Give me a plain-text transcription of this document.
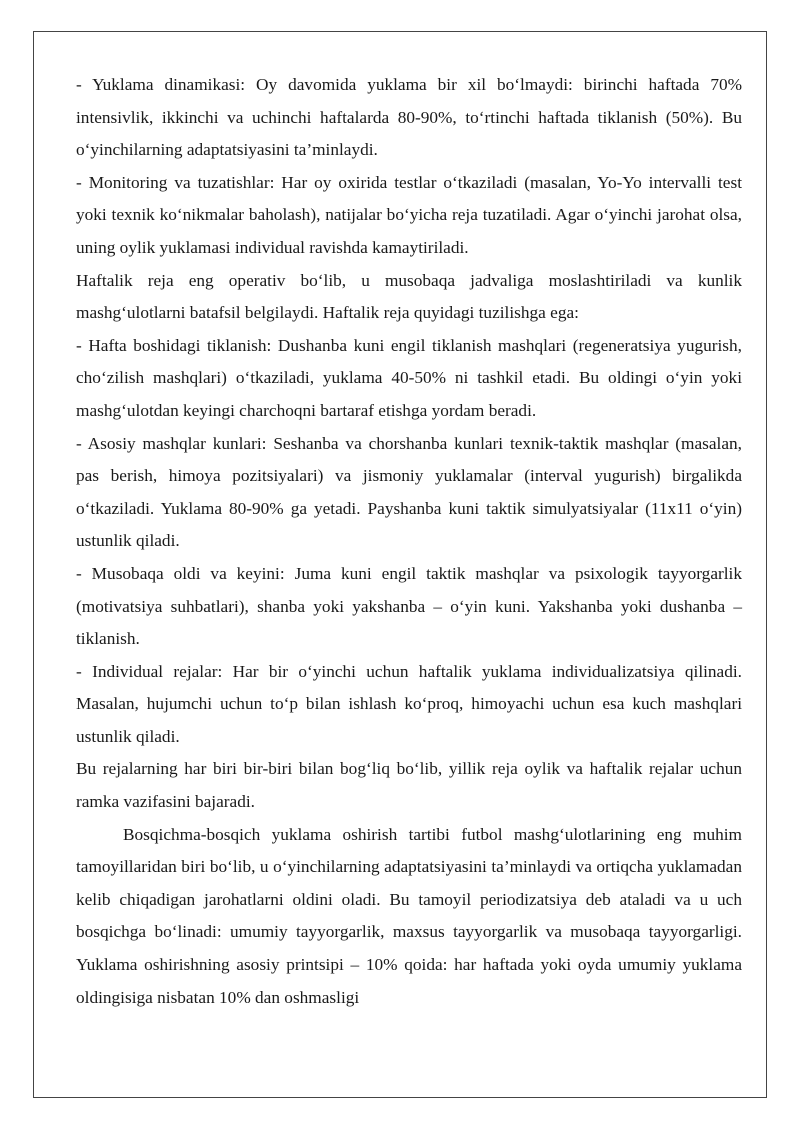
- Yuklama dinamikasi: Oy davomida yuklama bir xil bo‘lmaydi: birinchi haftada 70% intensivlik, ikkinchi va uchinchi haftalarda 80-90%, to‘rtinchi haftada tiklanish (50%). Bu o‘yinchilarning adaptatsiyasini ta’minlaydi.

- Monitoring va tuzatishlar: Har oy oxirida testlar o‘tkaziladi (masalan, Yo-Yo intervalli test yoki texnik ko‘nikmalar baholash), natijalar bo‘yicha reja tuzatiladi. Agar o‘yinchi jarohat olsa, uning oylik yuklamasi individual ravishda kamaytiriladi.

Haftalik reja eng operativ bo‘lib, u musobaqa jadvaliga moslashtiriladi va kunlik mashg‘ulotlarni batafsil belgilaydi. Haftalik reja quyidagi tuzilishga ega:

- Hafta boshidagi tiklanish: Dushanba kuni engil tiklanish mashqlari (regeneratsiya yugurish, cho‘zilish mashqlari) o‘tkaziladi, yuklama 40-50% ni tashkil etadi. Bu oldingi o‘yin yoki mashg‘ulotdan keyingi charchoqni bartaraf etishga yordam beradi.

- Asosiy mashqlar kunlari: Seshanba va chorshanba kunlari texnik-taktik mashqlar (masalan, pas berish, himoya pozitsiyalari) va jismoniy yuklamalar (interval yugurish) birgalikda o‘tkaziladi. Yuklama 80-90% ga yetadi. Payshanba kuni taktik simulyatsiyalar (11x11 o‘yin) ustunlik qiladi.

- Musobaqa oldi va keyini: Juma kuni engil taktik mashqlar va psixologik tayyorgarlik (motivatsiya suhbatlari), shanba yoki yakshanba – o‘yin kuni. Yakshanba yoki dushanba – tiklanish.

- Individual rejalar: Har bir o‘yinchi uchun haftalik yuklama individualizatsiya qilinadi. Masalan, hujumchi uchun to‘p bilan ishlash ko‘proq, himoyachi uchun esa kuch mashqlari ustunlik qiladi.

Bu rejalarning har biri bir-biri bilan bog‘liq bo‘lib, yillik reja oylik va haftalik rejalar uchun ramka vazifasini bajaradi.

Bosqichma-bosqich yuklama oshirish tartibi futbol mashg‘ulotlarining eng muhim tamoyillaridan biri bo‘lib, u o‘yinchilarning adaptatsiyasini ta’minlaydi va ortiqcha yuklamadan kelib chiqadigan jarohatlarni oldini oladi. Bu tamoyil periodizatsiya deb ataladi va u uch bosqichga bo‘linadi: umumiy tayyorgarlik, maxsus tayyorgarlik va musobaqa tayyorgarligi. Yuklama oshirishning asosiy printsipi – 10% qoida: har haftada yoki oyda umumiy yuklama oldingisiga nisbatan 10% dan oshmasligi
